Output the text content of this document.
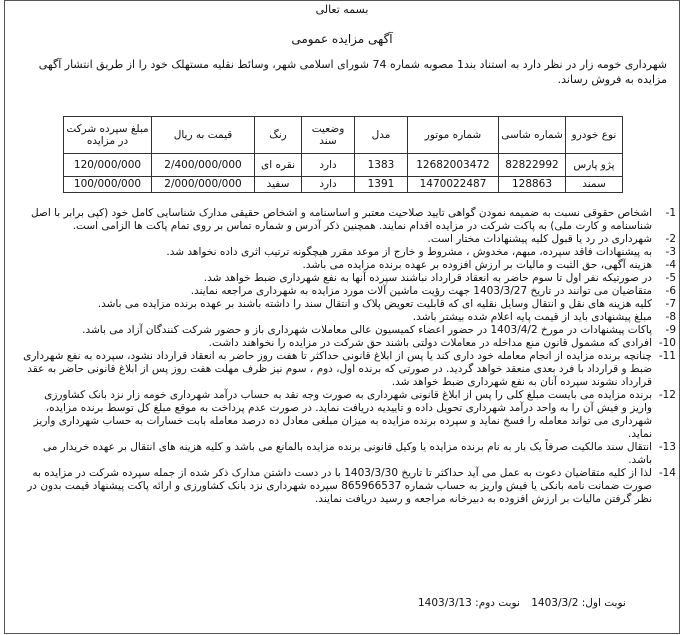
بسمه تعالی
آگهی مزایده عمومی
شهرداری خومه زار در نظر دارد به استناد بند1 مصوبه شماره 74 شورای اسلامی شهر، وسائط نقلیه مستهلک خود را از طریق انتشار آگهی مزایده به فروش رساند.
نوع خودرو	شماره شاسی	شماره موتور	مدل	وضعیت سند	رنگ	قیمت به ریال	مبلغ سپرده شرکت در مزایده
پژو پارس	82822992	12682003472	1383	دارد	نقره ای	2/400/000/000	120/000/000
سمند	128863	1470022487	1391	دارد	سفید	2/000/000/000	100/000/000
1-
اشخاص حقوقی نسبت به ضمیمه نمودن گواهی تایید صلاحیت معتبر و اساسنامه و اشخاص حقیقی مدارک شناسایی کامل خود (کپی برابر با اصل شناسنامه و کارت ملی) به پاکت شرکت در مزایده اقدام نمایند. همچنین ذکر آدرس و شماره تماس بر روی تمام پاکت ها الزامی است.
2-
شهرداری در رد یا قبول کلیه پیشنهادات مختار است.
3-
به پیشنهادات فاقد سپرده، مبهم، مخدوش ، مشروط و خارج از موعد مقرر هیچگونه ترتیب اثری داده نخواهد شد.
4-
هزینه آگهی، حق الثبت و مالیات بر ارزش افزوده بر عهده برنده مزایده می باشد.
5-
در صورتیکه نفر اول تا سوم حاضر به انعقاد قرارداد نباشند سپرده آنها به نفع شهرداری ضبط خواهد شد.
6-
متقاضیان می توانند در تاریخ 1403/3/27 جهت رؤیت ماشین آلات مورد مزایده به شهرداری مراجعه نمایند.
7-
کلیه هزینه های نقل و انتقال وسایل نقلیه ای که قابلیت تعویض پلاک و انتقال سند را داشته باشند بر عهده برنده مزایده می باشد.
8-
مبلغ پیشنهادی باید از قیمت پایه اعلام شده بیشتر باشد.
9-
پاکات پیشنهادات در مورخ 1403/4/2 در حضور اعضاء کمیسیون عالی معاملات شهرداری باز و حضور شرکت کنندگان آزاد می باشد.
10-
افرادی که مشمول قانون منع مداخله در معاملات دولتی باشند حق شرکت در مزایده را نخواهند داشت.
11-
چنانچه برنده مزایده از انجام معامله خود داری کند یا پس از ابلاغ قانونی حداکثر تا هفت روز حاضر به انعقاد قرارداد نشود، سپرده به نفع شهرداری ضبط و قرارداد با فرد بعدی منعقد خواهد گردید. در صورتی که برنده اول، دوم ، سوم نیز ظرف مهلت هفت روز پس از ابلاغ قانونی حاضر به عقد قرارداد نشوند سپرده آنان به نفع شهرداری ضبط خواهد شد.
12-
برنده مزایده می بایست مبلغ کلی را پس از ابلاغ قانونی شهرداری به صورت وجه نقد به حساب درآمد شهرداری خومه زار نزد بانک کشاورزی واریز و فیش آن را به واحد درآمد شهرداری تحویل داده و تاییدیه دریافت نماید. در صورت عدم پرداخت به موقع مبلغ کل توسط برنده مزایده، شهرداری می تواند معامله را فسخ نماید و سپرده برنده مزایده به میزان مبلغی معادل ده درصد معامله بابت خسارات به حساب شهرداری واریز نماید.
13-
انتقال سند مالکیت صرفاً یک بار به نام برنده مزایده یا وکیل قانونی برنده مزایده بالمانع می باشد و کلیه هزینه های انتقال بر عهده خریدار می باشد.
14-
لذا از کلیه متقاضیان دعوت به عمل می آید حداکثر تا تاریخ 1403/3/30 با در دست داشتن مدارک ذکر شده از جمله سپرده شرکت در مزایده به صورت ضمانت نامه بانکی یا فیش واریز به حساب شماره 865966537 سپرده شهرداری نزد بانک کشاورزی و ارائه پاکت پیشنهاد قیمت بدون در نظر گرفتن مالیات بر ارزش افزوده به دبیرخانه مراجعه و رسید دریافت نمایند.
نوبت اول: 1403/3/2 نوبت دوم: 1403/3/13
